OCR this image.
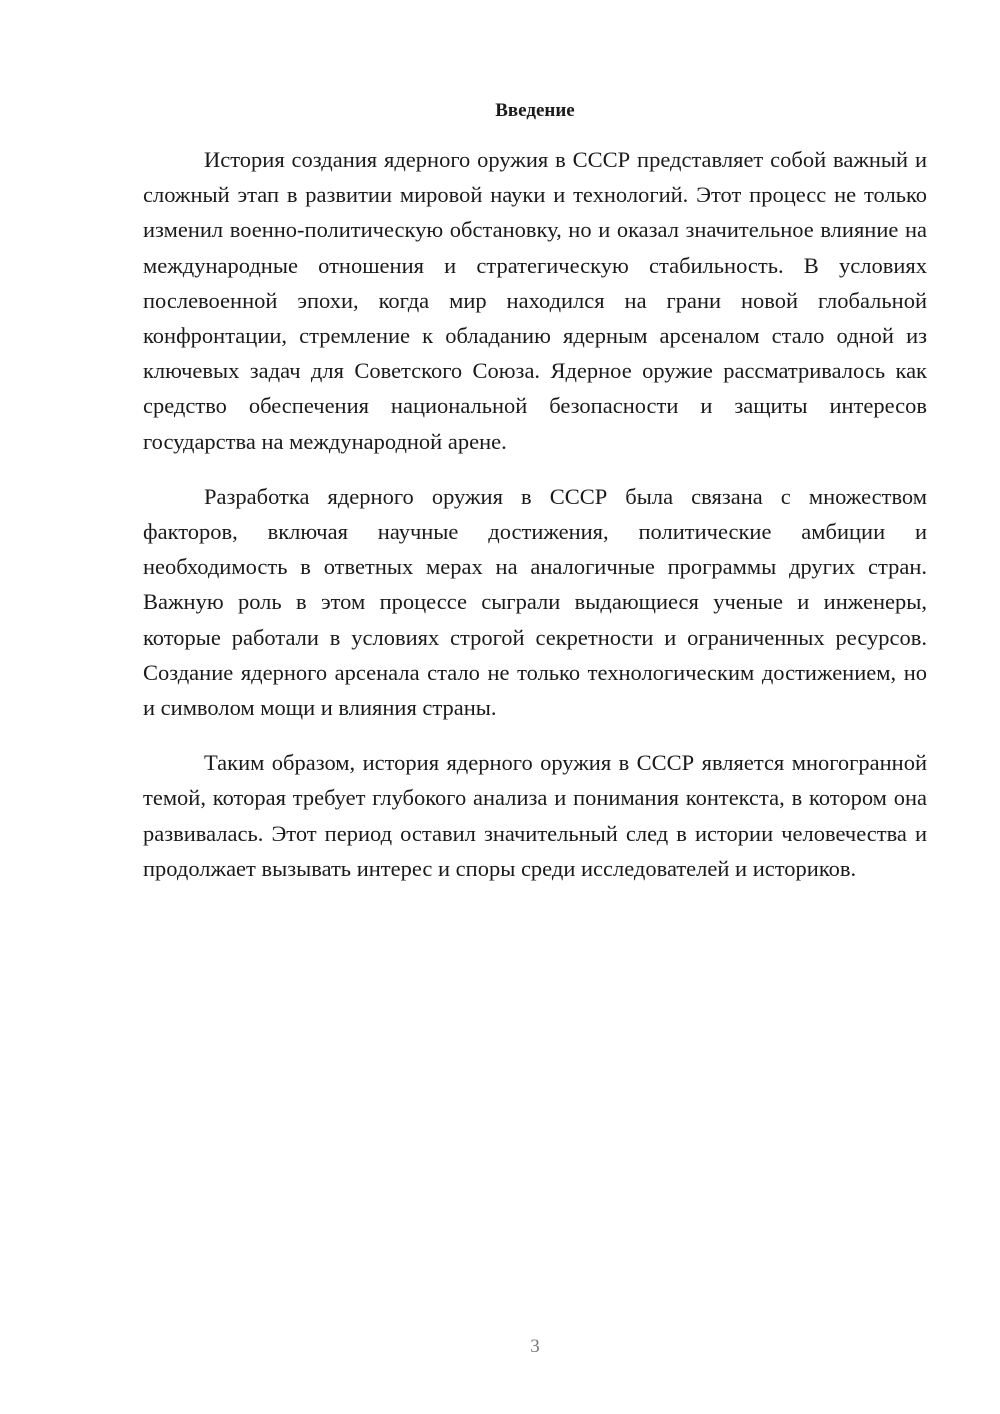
Введение

История создания ядерного оружия в СССР представляет собой важный и сложный этап в развитии мировой науки и технологий. Этот процесс не только изменил военно-политическую обстановку, но и оказал значительное влияние на международные отношения и стратегическую стабильность. В условиях послевоенной эпохи, когда мир находился на грани новой глобальной конфронтации, стремление к обладанию ядерным арсеналом стало одной из ключевых задач для Советского Союза. Ядерное оружие рассматривалось как средство обеспечения национальной безопасности и защиты интересов государства на международной арене.

Разработка ядерного оружия в СССР была связана с множеством факторов, включая научные достижения, политические амбиции и необходимость в ответных мерах на аналогичные программы других стран. Важную роль в этом процессе сыграли выдающиеся ученые и инженеры, которые работали в условиях строгой секретности и ограниченных ресурсов. Создание ядерного арсенала стало не только технологическим достижением, но и символом мощи и влияния страны.

Таким образом, история ядерного оружия в СССР является многогранной темой, которая требует глубокого анализа и понимания контекста, в котором она развивалась. Этот период оставил значительный след в истории человечества и продолжает вызывать интерес и споры среди исследователей и историков.

3
